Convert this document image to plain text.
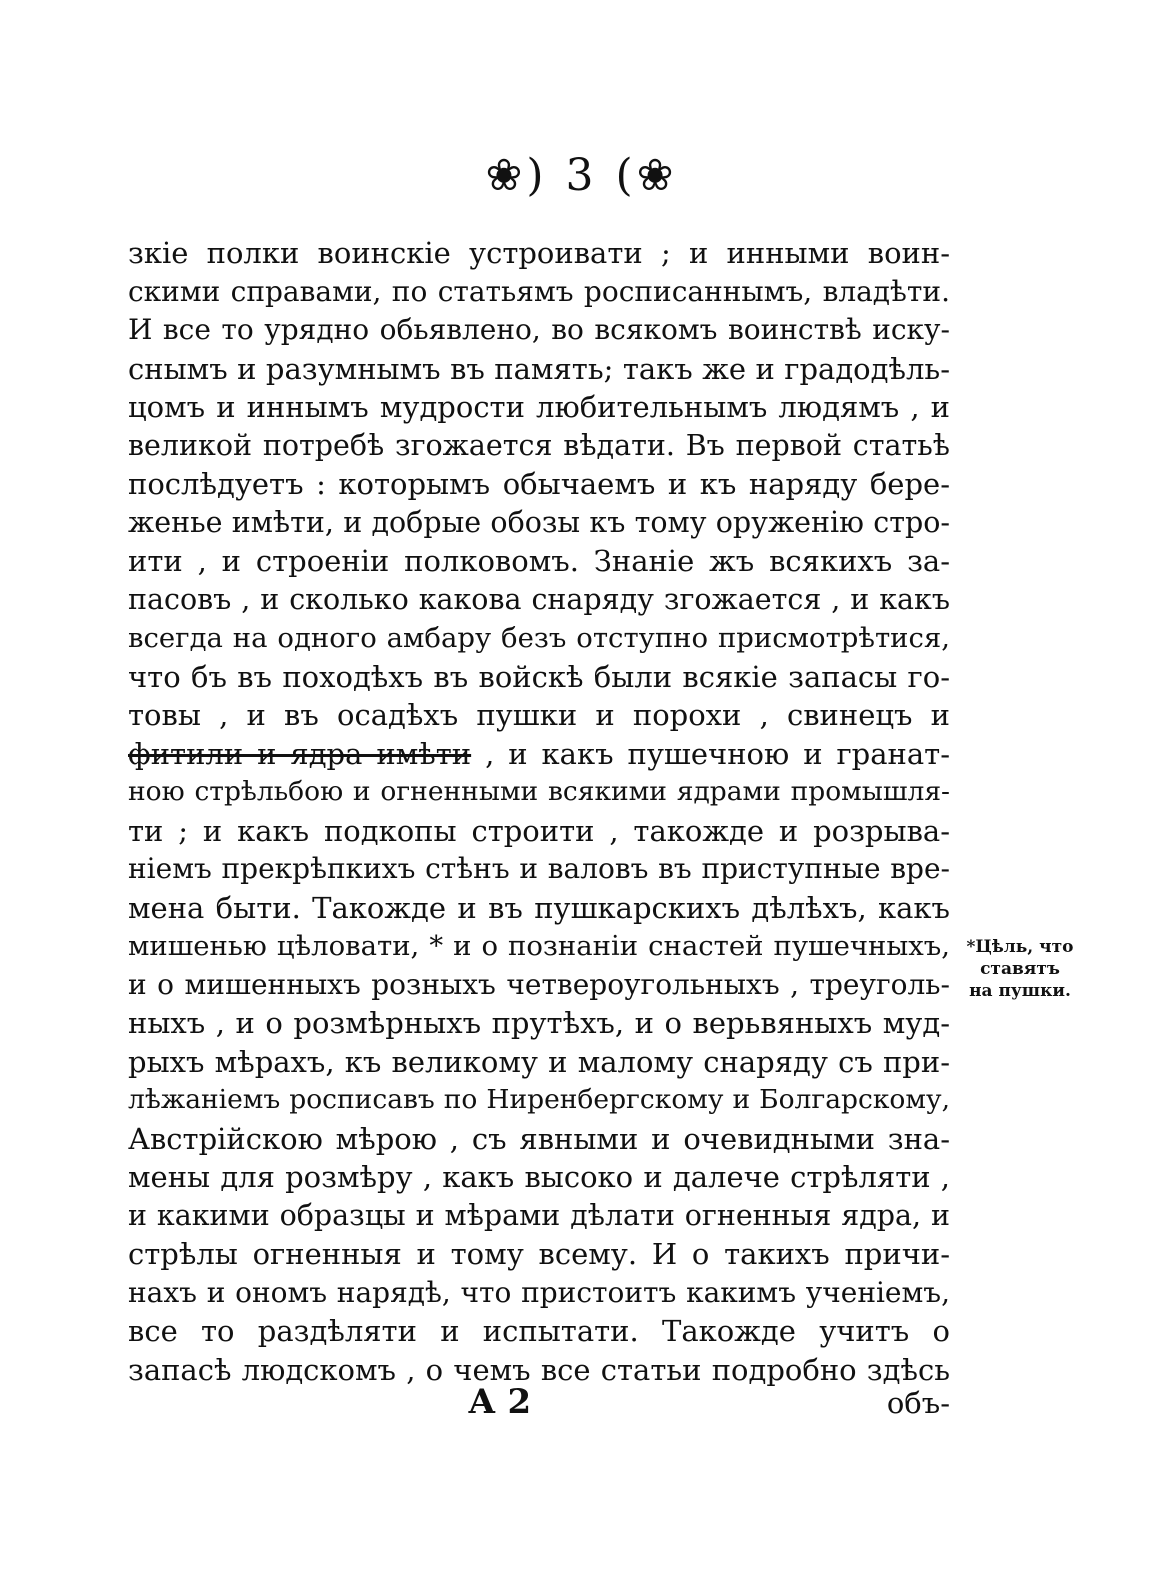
❀) 3 (❀
зкіе полки воинскіе устроивати ; и инными воин-
скими справами, по статьямъ росписаннымъ, владѣти.
И все то урядно обьявлено, во всякомъ воинствѣ иску-
снымъ и разумнымъ въ память; такъ же и градодѣль-
цомъ и иннымъ мудрости любительнымъ людямъ , и
великой потребѣ згожается вѣдати. Въ первой статьѣ
послѣдуетъ : которымъ обычаемъ и къ наряду бере-
женье имѣти, и добрые обозы къ тому оруженію стро-
ити , и строеніи полковомъ. Знаніе жъ всякихъ за-
пасовъ , и сколько какова снаряду згожается , и какъ
всегда на одного амбару безъ отступно присмотрѣтися,
что бъ въ походѣхъ въ войскѣ были всякіе запасы го-
товы , и въ осадѣхъ пушки и порохи , свинецъ и
фитили и ядра имѣти , и какъ пушечною и гранат-
ною стрѣльбою и огненными всякими ядрами промышля-
ти ; и какъ подкопы строити , такожде и розрыва-
ніемъ прекрѣпкихъ стѣнъ и валовъ въ приступные вре-
мена быти. Такожде и въ пушкарскихъ дѣлѣхъ, какъ
мишенью цѣловати, * и о познаніи снастей пушечныхъ,
и о мишенныхъ розныхъ четвероугольныхъ , треуголь-
ныхъ , и о розмѣрныхъ прутѣхъ, и о верьвяныхъ муд-
рыхъ мѣрахъ, къ великому и малому снаряду съ при-
лѣжаніемъ росписавъ по Ниренбергскому и Болгарскому,
Австрійскою мѣрою , съ явными и очевидными зна-
мены для розмѣру , какъ высоко и далече стрѣляти ,
и какими образцы и мѣрами дѣлати огненныя ядра, и
стрѣлы огненныя и тому всему. И о такихъ причи-
нахъ и ономъ нарядѣ, что пристоитъ какимъ ученіемъ,
все то раздѣляти и испытати. Такожде учитъ о
запасѣ людскомъ , о чемъ все статьи подробно здѣсь
*Цѣль, что
ставятъ
на пушки.
А 2	объ-
